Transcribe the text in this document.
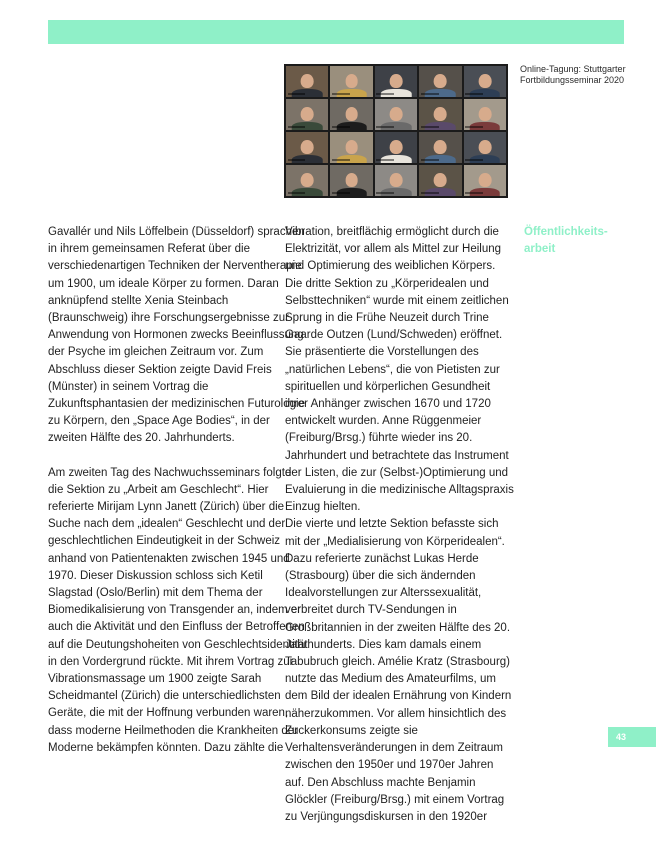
Online-Tagung: Stuttgarter Fortbildungsseminar 2020

Gavallér und Nils Löffelbein (Düsseldorf) sprachen in ihrem gemeinsamen Referat über die verschiedenartigen Techniken der Nerventherapie um 1900, um ideale Körper zu formen. Daran anknüpfend stellte Xenia Steinbach (Braunschweig) ihre Forschungsergebnisse zur Anwendung von Hormonen zwecks Beeinflussung der Psyche im gleichen Zeitraum vor. Zum Abschluss dieser Sektion zeigte David Freis (Münster) in seinem Vortrag die Zukunftsphantasien der medizinischen Futurologie zu Körpern, den „Space Age Bodies“, in der zweiten Hälfte des 20. Jahrhunderts.

Am zweiten Tag des Nachwuchsseminars folgte die Sektion zu „Arbeit am Geschlecht“. Hier referierte Mirijam Lynn Janett (Zürich) über die Suche nach dem „idealen“ Geschlecht und der geschlechtlichen Eindeutigkeit in der Schweiz anhand von Patientenakten zwischen 1945 und 1970. Dieser Diskussion schloss sich Ketil Slagstad (Oslo/Berlin) mit dem Thema der Biomedikalisierung von Transgender an, indem er auch die Aktivität und den Einfluss der Betroffenen auf die Deutungshoheiten von Geschlechtsidentität in den Vordergrund rückte. Mit ihrem Vortrag zur Vibrationsmassage um 1900 zeigte Sarah Scheidmantel (Zürich) die unterschiedlichsten Geräte, die mit der Hoffnung verbunden waren, dass moderne Heilmethoden die Krankheiten der Moderne bekämpfen könnten. Dazu zählte die

Vibration, breitflächig ermöglicht durch die Elektrizität, vor allem als Mittel zur Heilung und Optimierung des weiblichen Körpers. Die dritte Sektion zu „Körperidealen und Selbsttechniken“ wurde mit einem zeitlichen Sprung in die Frühe Neuzeit durch Trine Gaarde Outzen (Lund/Schweden) eröffnet. Sie präsentierte die Vorstellungen des „natürlichen Lebens“, die von Pietisten zur spirituellen und körperlichen Gesundheit ihrer Anhänger zwischen 1670 und 1720 entwickelt wurden. Anne Rüggenmeier (Freiburg/Brsg.) führte wieder ins 20. Jahrhundert und betrachtete das Instrument der Listen, die zur (Selbst-)Optimierung und Evaluierung in die medizinische Alltagspraxis Einzug hielten.

Die vierte und letzte Sektion befasste sich mit der „Medialisierung von Körperidealen“. Dazu referierte zunächst Lukas Herde (Strasbourg) über die sich ändernden Idealvorstellungen zur Alterssexualität, verbreitet durch TV-Sendungen in Großbritannien in der zweiten Hälfte des 20. Jahrhunderts. Dies kam damals einem Tabubruch gleich. Amélie Kratz (Strasbourg) nutzte das Medium des Amateurfilms, um dem Bild der idealen Ernährung von Kindern näherzukommen. Vor allem hinsichtlich des Zuckerkonsums zeigte sie Verhaltensveränderungen in dem Zeitraum zwischen den 1950er und 1970er Jahren auf. Den Abschluss machte Benjamin Glöckler (Freiburg/Brsg.) mit einem Vortrag zu Verjüngungsdiskursen in den 1920er

Öffentlichkeitsarbeit

43
